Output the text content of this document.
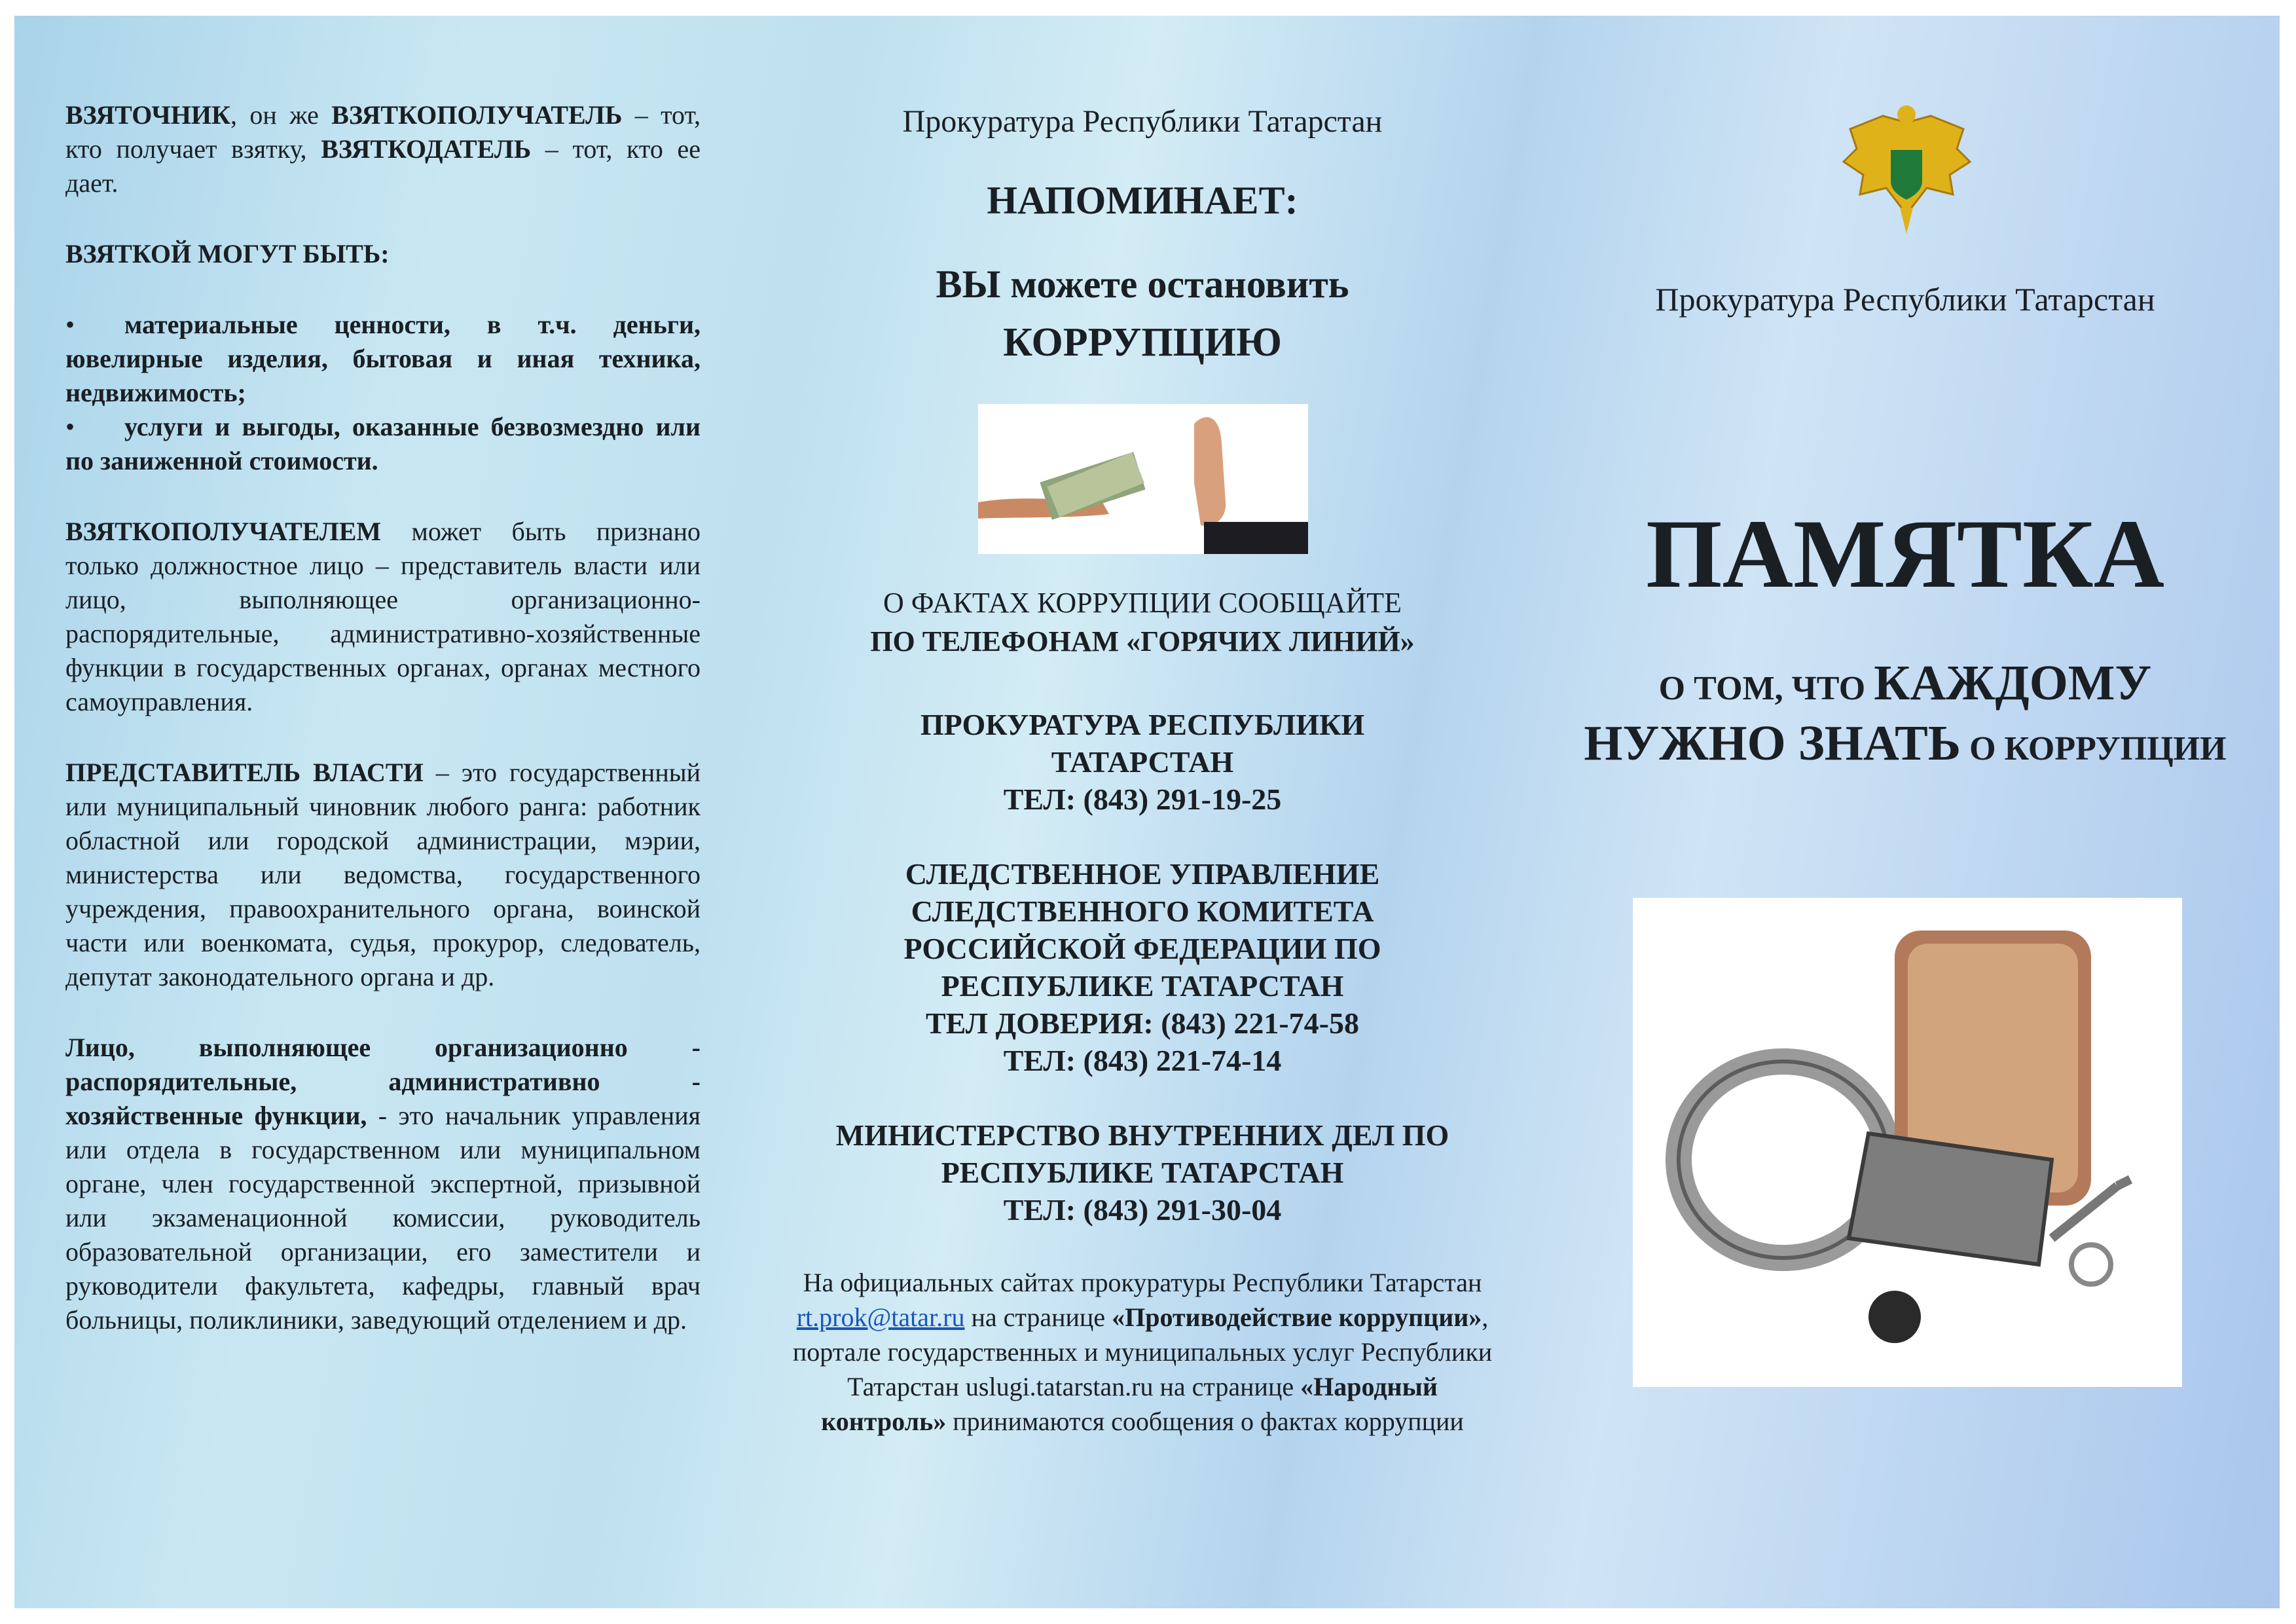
ВЗЯТОЧНИК, он же ВЗЯТКОПОЛУЧАТЕЛЬ – тот, кто получает взятку, ВЗЯТКОДАТЕЛЬ – тот, кто ее дает.

ВЗЯТКОЙ МОГУТ БЫТЬ:

• материальные ценности, в т.ч. деньги, ювелирные изделия, бытовая и иная техника, недвижимость;
• услуги и выгоды, оказанные безвозмездно или по заниженной стоимости.

ВЗЯТКОПОЛУЧАТЕЛЕМ может быть признано только должностное лицо – представитель власти или лицо, выполняющее организационно-распорядительные, административно-хозяйственные функции в государственных органах, органах местного самоуправления.

ПРЕДСТАВИТЕЛЬ ВЛАСТИ – это государственный или муниципальный чиновник любого ранга: работник областной или городской администрации, мэрии, министерства или ведомства, государственного учреждения, правоохранительного органа, воинской части или военкомата, судья, прокурор, следователь, депутат законодательного органа и др.

Лицо, выполняющее организационно - распорядительные, административно - хозяйственные функции, - это начальник управления или отдела в государственном или муниципальном органе, член государственной экспертной, призывной или экзаменационной комиссии, руководитель образовательной организации, его заместители и руководители факультета, кафедры, главный врач больницы, поликлиники, заведующий отделением и др.

Прокуратура Республики Татарстан
НАПОМИНАЕТ:
ВЫ можете остановить
КОРРУПЦИЮ
О ФАКТАХ КОРРУПЦИИ СООБЩАЙТЕ
ПО ТЕЛЕФОНАМ «ГОРЯЧИХ ЛИНИЙ»
ПРОКУРАТУРА РЕСПУБЛИКИ
ТАТАРСТАН
ТЕЛ: (843) 291-19-25
СЛЕДСТВЕННОЕ УПРАВЛЕНИЕ
СЛЕДСТВЕННОГО КОМИТЕТА
РОССИЙСКОЙ ФЕДЕРАЦИИ ПО
РЕСПУБЛИКЕ ТАТАРСТАН
ТЕЛ ДОВЕРИЯ: (843) 221-74-58
ТЕЛ: (843) 221-74-14
МИНИСТЕРСТВО ВНУТРЕННИХ ДЕЛ ПО
РЕСПУБЛИКЕ ТАТАРСТАН
ТЕЛ: (843) 291-30-04
На официальных сайтах прокуратуры Республики Татарстан rt.prok@tatar.ru на странице «Противодействие коррупции», портале государственных и муниципальных услуг Республики Татарстан uslugi.tatarstan.ru на странице «Народный контроль» принимаются сообщения о фактах коррупции
Прокуратура Республики Татарстан
ПАМЯТКА
О ТОМ, ЧТО КАЖДОМУ
НУЖНО ЗНАТЬ О КОРРУПЦИИ
